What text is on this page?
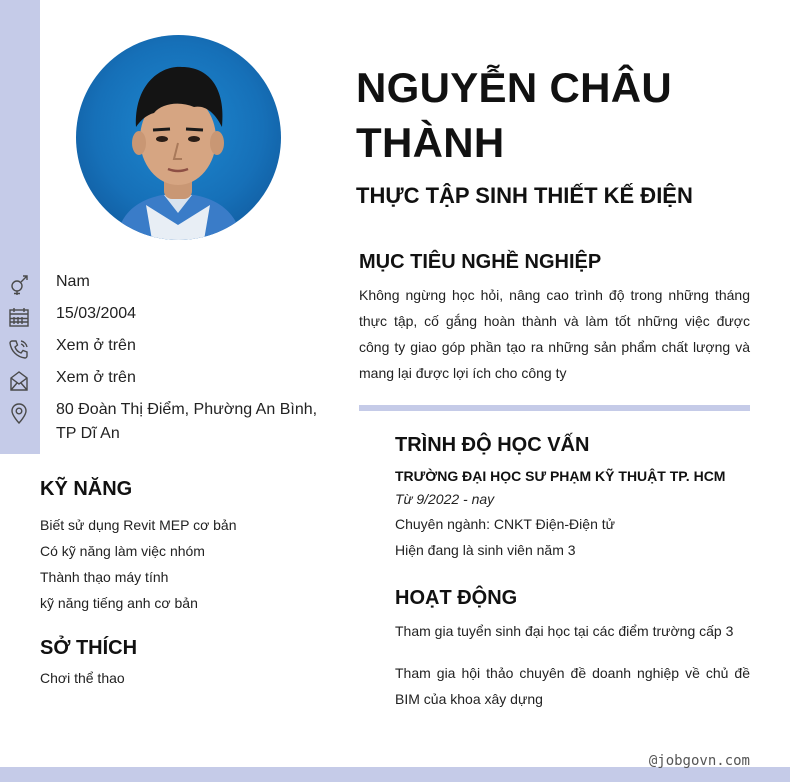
NGUYỄN CHÂU THÀNH
THỰC TẬP SINH THIẾT KẾ ĐIỆN
Nam
15/03/2004
Xem ở trên
Xem ở trên
80 Đoàn Thị Điểm, Phường An Bình, TP Dĩ An
KỸ NĂNG
Biết sử dụng Revit MEP cơ bản
Có kỹ năng làm việc nhóm
Thành thạo máy tính
kỹ năng tiếng anh cơ bản
SỞ THÍCH
Chơi thể thao
MỤC TIÊU NGHỀ NGHIỆP

Không ngừng học hỏi, nâng cao trình độ trong những tháng thực tập, cố gắng hoàn thành và làm tốt những việc được công ty giao góp phần tạo ra những sản phẩm chất lượng và mang lại được lợi ích cho công ty

TRÌNH ĐỘ HỌC VẤN
TRƯỜNG ĐẠI HỌC SƯ PHẠM KỸ THUẬT TP. HCM
Từ 9/2022 - nay
Chuyên ngành: CNKT Điện-Điện tử
Hiện đang là sinh viên năm 3
HOẠT ĐỘNG
Tham gia tuyển sinh đại học tại các điểm trường cấp 3
Tham gia hội thảo chuyên đề doanh nghiệp về chủ đề BIM của khoa xây dựng
@jobgovn.com
